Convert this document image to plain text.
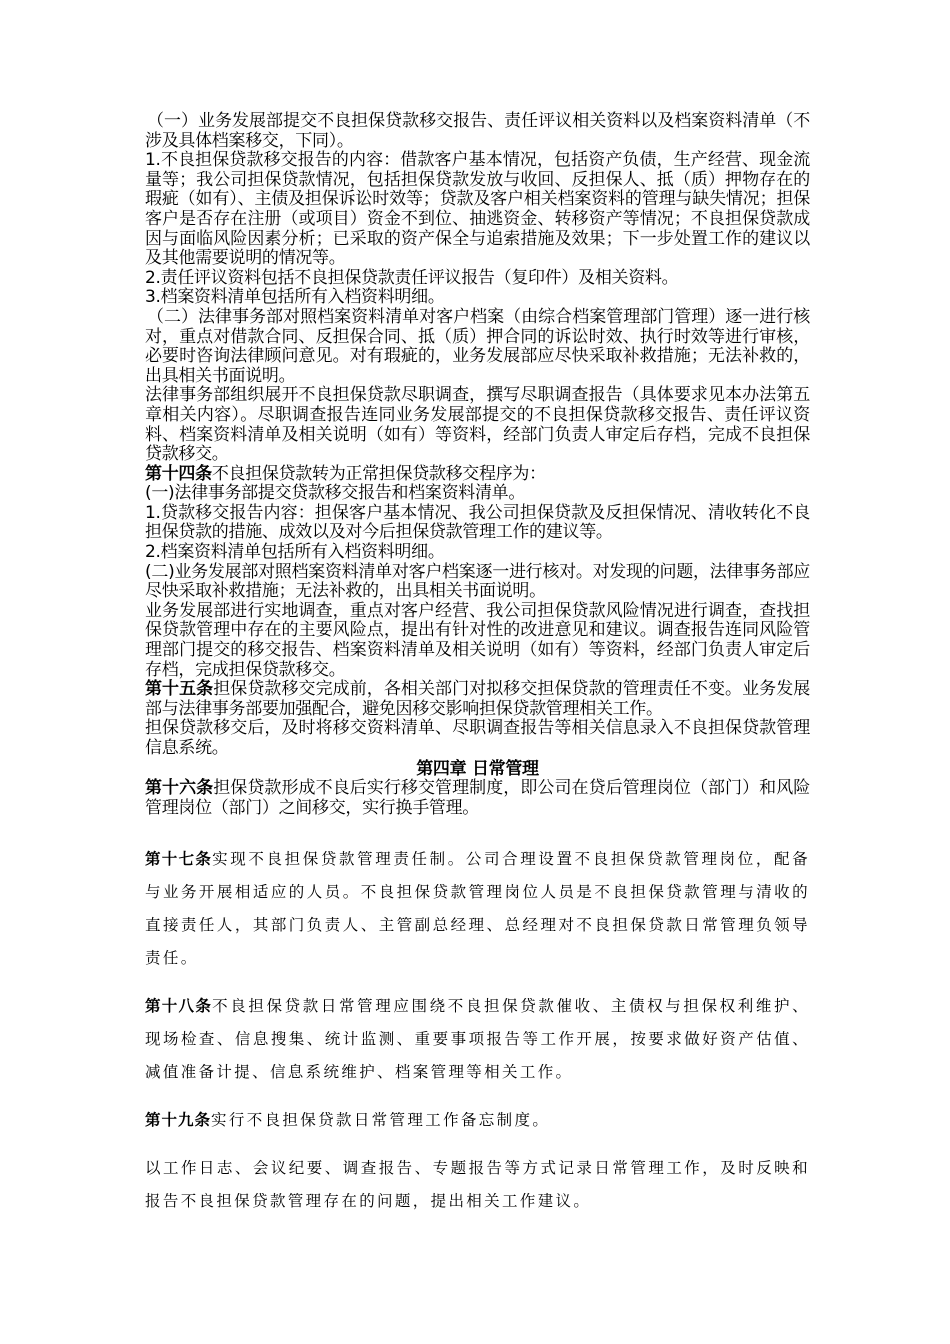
（一）业务发展部提交不良担保贷款移交报告、责任评议相关资料以及档案资料清单（不涉及具体档案移交，下同）。

1.不良担保贷款移交报告的内容：借款客户基本情况，包括资产负债，生产经营、现金流量等；我公司担保贷款情况，包括担保贷款发放与收回、反担保人、抵（质）押物存在的瑕疵（如有）、主债及担保诉讼时效等；贷款及客户相关档案资料的管理与缺失情况；担保客户是否存在注册（或项目）资金不到位、抽逃资金、转移资产等情况；不良担保贷款成因与面临风险因素分析；已采取的资产保全与追索措施及效果；下一步处置工作的建议以及其他需要说明的情况等。

2.责任评议资料包括不良担保贷款责任评议报告（复印件）及相关资料。

3.档案资料清单包括所有入档资料明细。

（二）法律事务部对照档案资料清单对客户档案（由综合档案管理部门管理）逐一进行核对，重点对借款合同、反担保合同、抵（质）押合同的诉讼时效、执行时效等进行审核，必要时咨询法律顾问意见。对有瑕疵的，业务发展部应尽快采取补救措施；无法补救的，出具相关书面说明。

法律事务部组织展开不良担保贷款尽职调查，撰写尽职调查报告（具体要求见本办法第五章相关内容）。尽职调查报告连同业务发展部提交的不良担保贷款移交报告、责任评议资料、档案资料清单及相关说明（如有）等资料，经部门负责人审定后存档，完成不良担保贷款移交。

第十四条不良担保贷款转为正常担保贷款移交程序为：

(一)法律事务部提交贷款移交报告和档案资料清单。

1.贷款移交报告内容：担保客户基本情况、我公司担保贷款及反担保情况、清收转化不良担保贷款的措施、成效以及对今后担保贷款管理工作的建议等。

2.档案资料清单包括所有入档资料明细。

(二)业务发展部对照档案资料清单对客户档案逐一进行核对。对发现的问题，法律事务部应尽快采取补救措施；无法补救的，出具相关书面说明。

业务发展部进行实地调查，重点对客户经营、我公司担保贷款风险情况进行调查，查找担保贷款管理中存在的主要风险点，提出有针对性的改进意见和建议。调查报告连同风险管理部门提交的移交报告、档案资料清单及相关说明（如有）等资料，经部门负责人审定后存档，完成担保贷款移交。

第十五条担保贷款移交完成前，各相关部门对拟移交担保贷款的管理责任不变。业务发展部与法律事务部要加强配合，避免因移交影响担保贷款管理相关工作。

担保贷款移交后，及时将移交资料清单、尽职调查报告等相关信息录入不良担保贷款管理信息系统。

第四章 日常管理

第十六条担保贷款形成不良后实行移交管理制度，即公司在贷后管理岗位（部门）和风险管理岗位（部门）之间移交，实行换手管理。

第十七条实现不良担保贷款管理责任制。公司合理设置不良担保贷款管理岗位，配备与业务开展相适应的人员。不良担保贷款管理岗位人员是不良担保贷款管理与清收的直接责任人，其部门负责人、主管副总经理、总经理对不良担保贷款日常管理负领导责任。

第十八条不良担保贷款日常管理应围绕不良担保贷款催收、主债权与担保权利维护、现场检查、信息搜集、统计监测、重要事项报告等工作开展，按要求做好资产估值、减值准备计提、信息系统维护、档案管理等相关工作。

第十九条实行不良担保贷款日常管理工作备忘制度。

以工作日志、会议纪要、调查报告、专题报告等方式记录日常管理工作，及时反映和报告不良担保贷款管理存在的问题，提出相关工作建议。
